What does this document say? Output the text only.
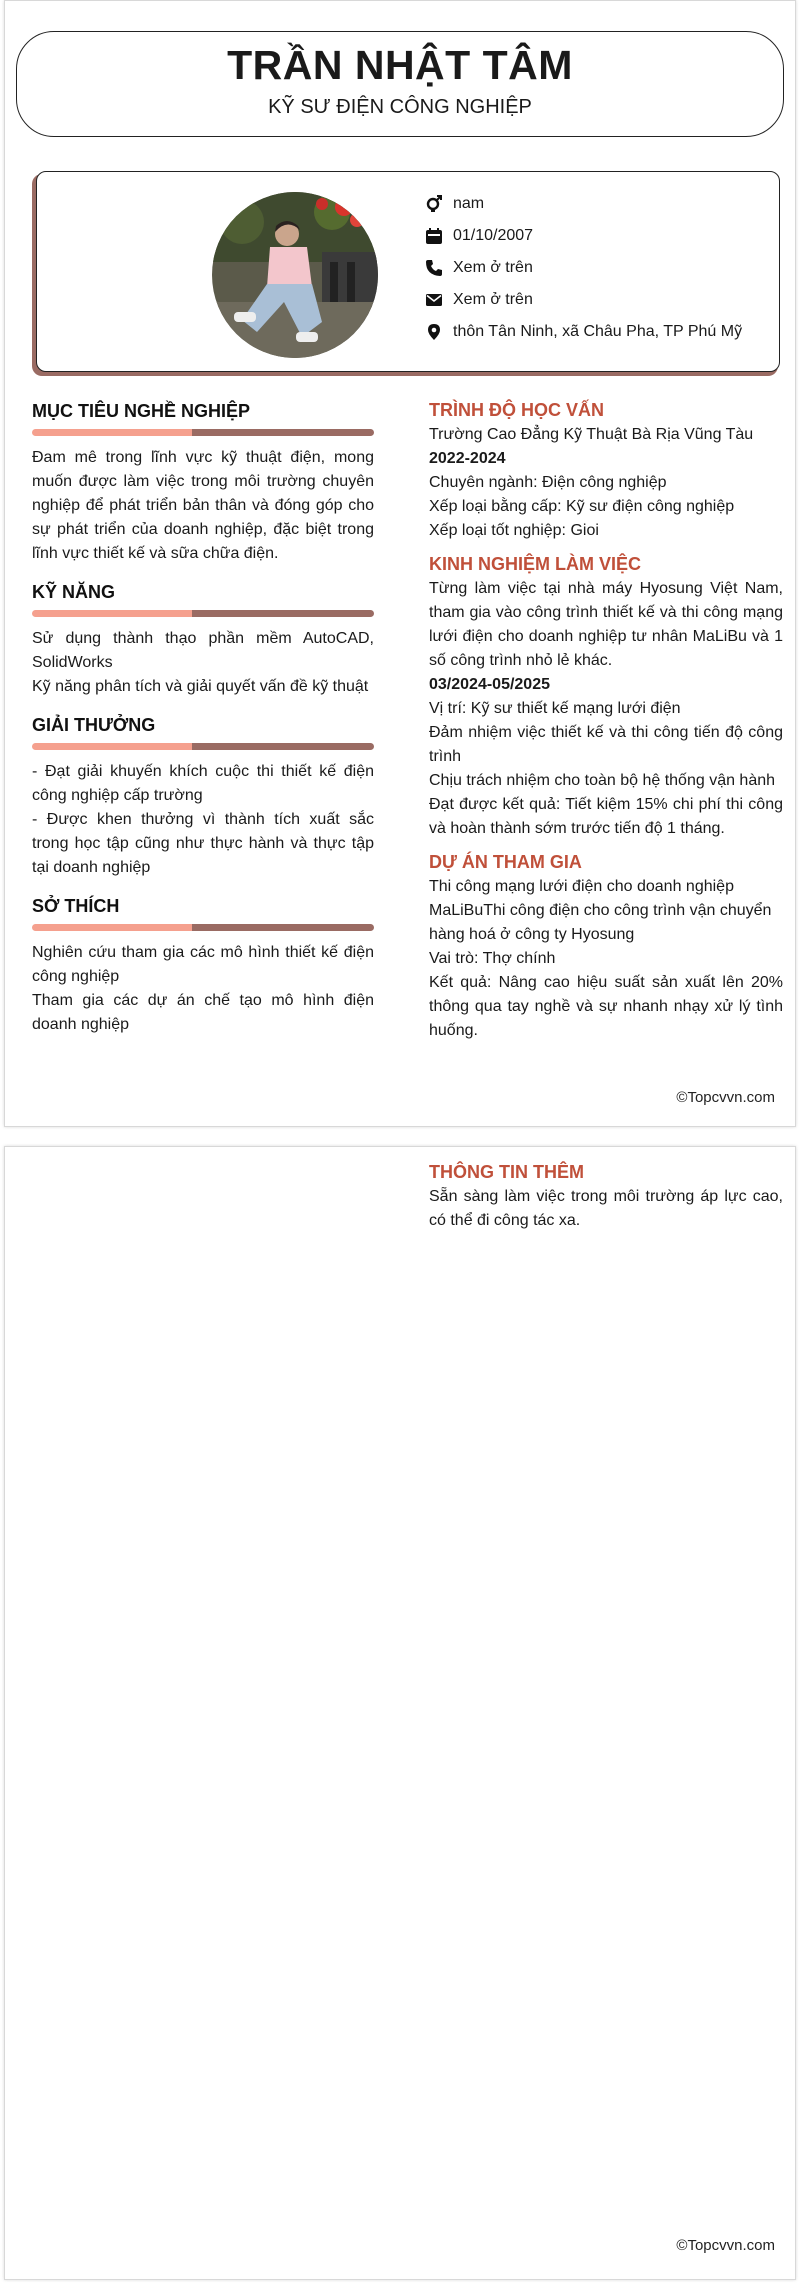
TRẦN NHẬT TÂM
KỸ SƯ ĐIỆN CÔNG NGHIỆP
nam
01/10/2007
Xem ở trên
Xem ở trên
thôn Tân Ninh, xã Châu Pha, TP Phú Mỹ
MỤC TIÊU NGHỀ NGHIỆP

Đam mê trong lĩnh vực kỹ thuật điện, mong muốn được làm việc trong môi trường chuyên nghiệp để phát triển bản thân và đóng góp cho sự phát triển của doanh nghiệp, đặc biệt trong lĩnh vực thiết kế và sữa chữa điện.

KỸ NĂNG

Sử dụng thành thạo phần mềm AutoCAD, SolidWorks

Kỹ năng phân tích và giải quyết vấn đề kỹ thuật

GIẢI THƯỞNG

- Đạt giải khuyến khích cuộc thi thiết kế điện công nghiệp cấp trường

- Được khen thưởng vì thành tích xuất sắc trong học tập cũng như thực hành và thực tập tại doanh nghiệp

SỞ THÍCH

Nghiên cứu tham gia các mô hình thiết kế điện công nghiệp

Tham gia các dự án chế tạo mô hình điện doanh nghiệp

TRÌNH ĐỘ HỌC VẤN

Trường Cao Đẳng Kỹ Thuật Bà Rịa Vũng Tàu

2022-2024

Chuyên ngành: Điện công nghiệp

Xếp loại bằng cấp: Kỹ sư điện công nghiệp

Xếp loại tốt nghiệp: Gioi

KINH NGHIỆM LÀM VIỆC

Từng làm việc tại nhà máy Hyosung Việt Nam, tham gia vào công trình thiết kế và thi công mạng lưới điện cho doanh nghiệp tư nhân MaLiBu và 1 số công trình nhỏ lẻ khác.

03/2024-05/2025

Vị trí: Kỹ sư thiết kế mạng lưới điện

Đảm nhiệm việc thiết kế và thi công tiến độ công trình

Chịu trách nhiệm cho toàn bộ hệ thống vận hành

Đạt được kết quả: Tiết kiệm 15% chi phí thi công và hoàn thành sớm trước tiến độ 1 tháng.

DỰ ÁN THAM GIA

Thi công mạng lưới điện cho doanh nghiệp MaLiBuThi công điện cho công trình vận chuyển hàng hoá ở công ty Hyosung

Vai trò: Thợ chính

Kết quả: Nâng cao hiệu suất sản xuất lên 20% thông qua tay nghề và sự nhanh nhạy xử lý tình huống.

©Topcvvn.com
THÔNG TIN THÊM

Sẵn sàng làm việc trong môi trường áp lực cao, có thể đi công tác xa.

©Topcvvn.com
